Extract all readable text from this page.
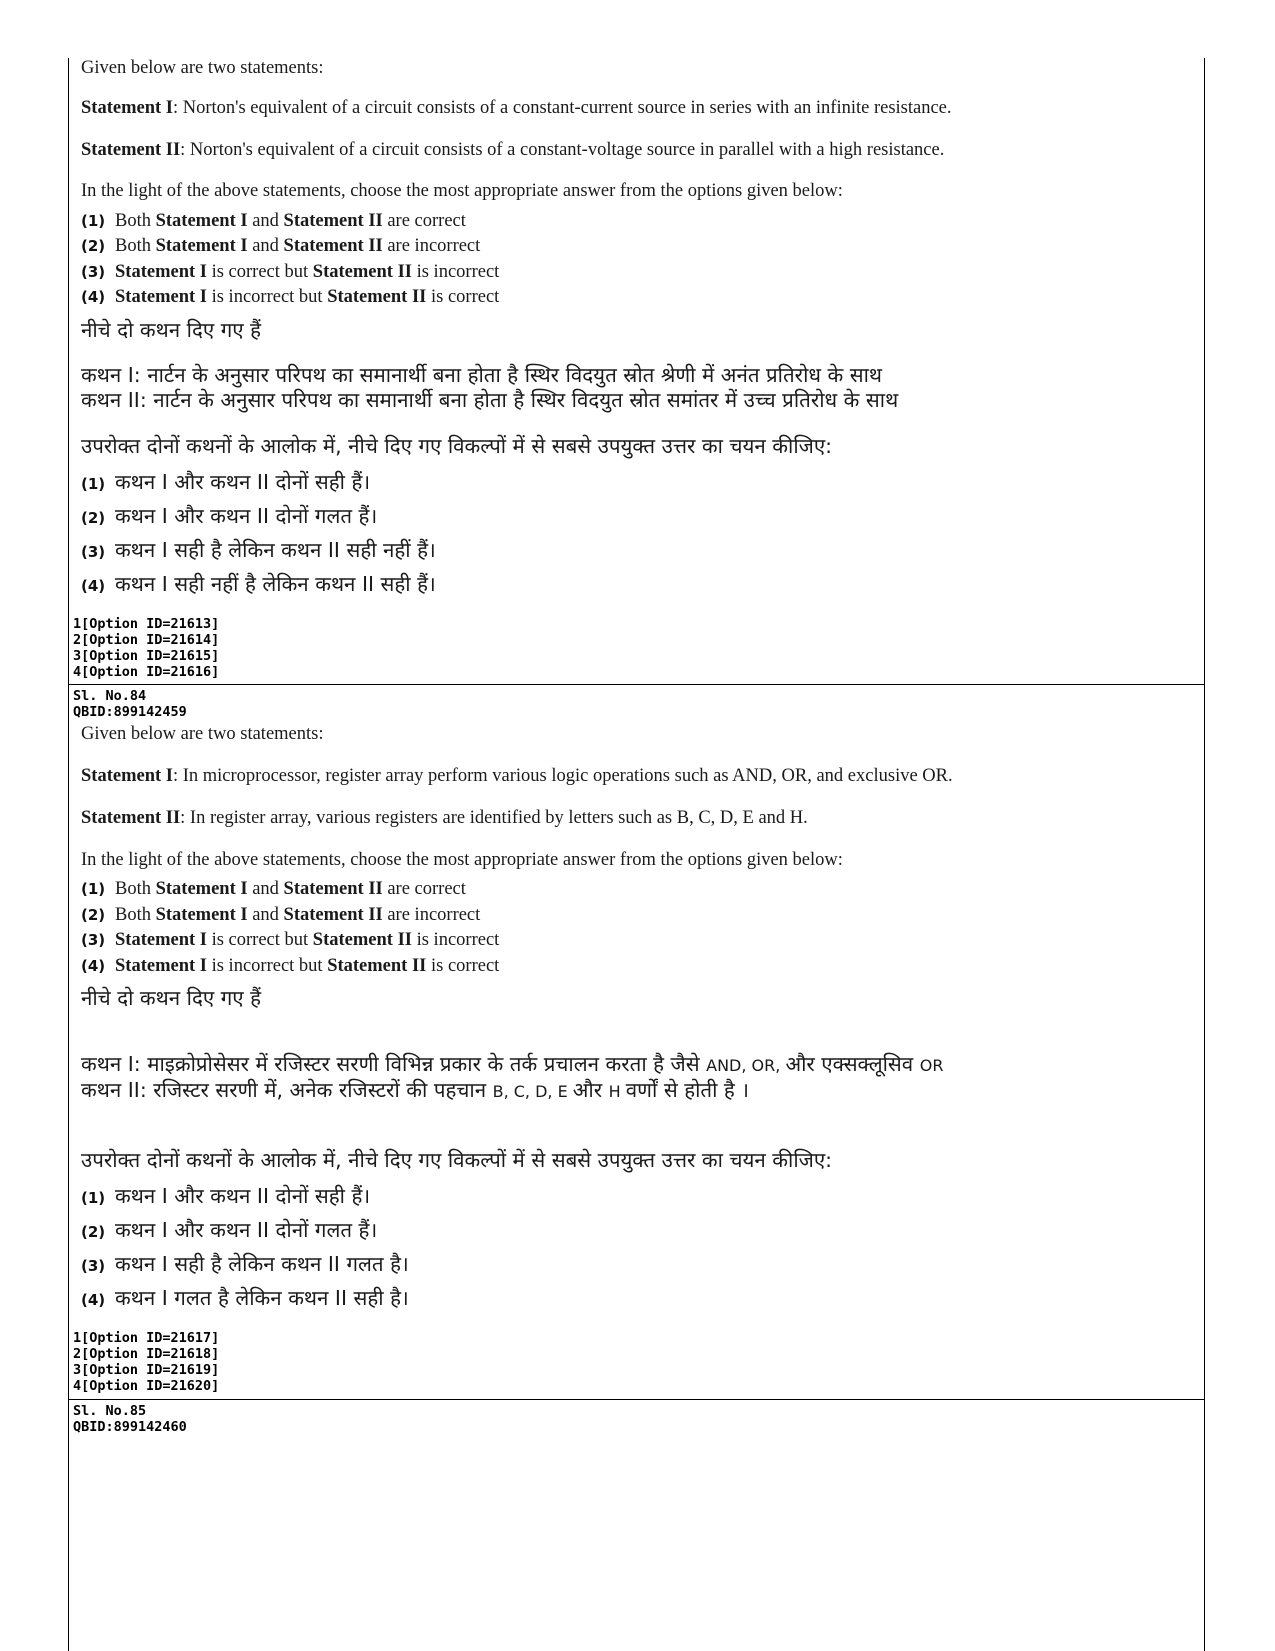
Given below are two statements:
Statement I: Norton's equivalent of a circuit consists of a constant-current source in series with an infinite resistance.
Statement II: Norton's equivalent of a circuit consists of a constant-voltage source in parallel with a high resistance.
In the light of the above statements, choose the most appropriate answer from the options given below:
(1) Both Statement I and Statement II are correct
(2) Both Statement I and Statement II are incorrect
(3) Statement I is correct but Statement II is incorrect
(4) Statement I is incorrect but Statement II is correct
नीचे दो कथन दिए गए हैं
कथन I: नार्टन के अनुसार परिपथ का समानार्थी बना होता है स्थिर विदयुत स्रोत श्रेणी में अनंत प्रतिरोध के साथ
कथन II: नार्टन के अनुसार परिपथ का समानार्थी बना होता है स्थिर विदयुत स्रोत समांतर में उच्च प्रतिरोध के साथ
उपरोक्त दोनों कथनों के आलोक में, नीचे दिए गए विकल्पों में से सबसे उपयुक्त उत्तर का चयन कीजिए:
(1) कथन I और कथन II दोनों सही हैं।
(2) कथन I और कथन II दोनों गलत हैं।
(3) कथन I सही है लेकिन कथन II सही नहीं हैं।
(4) कथन I सही नहीं है लेकिन कथन II सही हैं।
1[Option ID=21613]
2[Option ID=21614]
3[Option ID=21615]
4[Option ID=21616]
Sl. No.84
QBID:899142459
Given below are two statements:
Statement I: In microprocessor, register array perform various logic operations such as AND, OR, and exclusive OR.
Statement II: In register array, various registers are identified by letters such as B, C, D, E and H.
In the light of the above statements, choose the most appropriate answer from the options given below:
(1) Both Statement I and Statement II are correct
(2) Both Statement I and Statement II are incorrect
(3) Statement I is correct but Statement II is incorrect
(4) Statement I is incorrect but Statement II is correct
नीचे दो कथन दिए गए हैं
कथन I: माइक्रोप्रोसेसर में रजिस्टर सरणी विभिन्न प्रकार के तर्क प्रचालन करता है जैसे AND, OR, और एक्सक्लूसिव OR
कथन II: रजिस्टर सरणी में, अनेक रजिस्टरों की पहचान B, C, D, E और H वर्णों से होती है ।
उपरोक्त दोनों कथनों के आलोक में, नीचे दिए गए विकल्पों में से सबसे उपयुक्त उत्तर का चयन कीजिए:
(1) कथन I और कथन II दोनों सही हैं।
(2) कथन I और कथन II दोनों गलत हैं।
(3) कथन I सही है लेकिन कथन II गलत है।
(4) कथन I गलत है लेकिन कथन II सही है।
1[Option ID=21617]
2[Option ID=21618]
3[Option ID=21619]
4[Option ID=21620]
Sl. No.85
QBID:899142460
